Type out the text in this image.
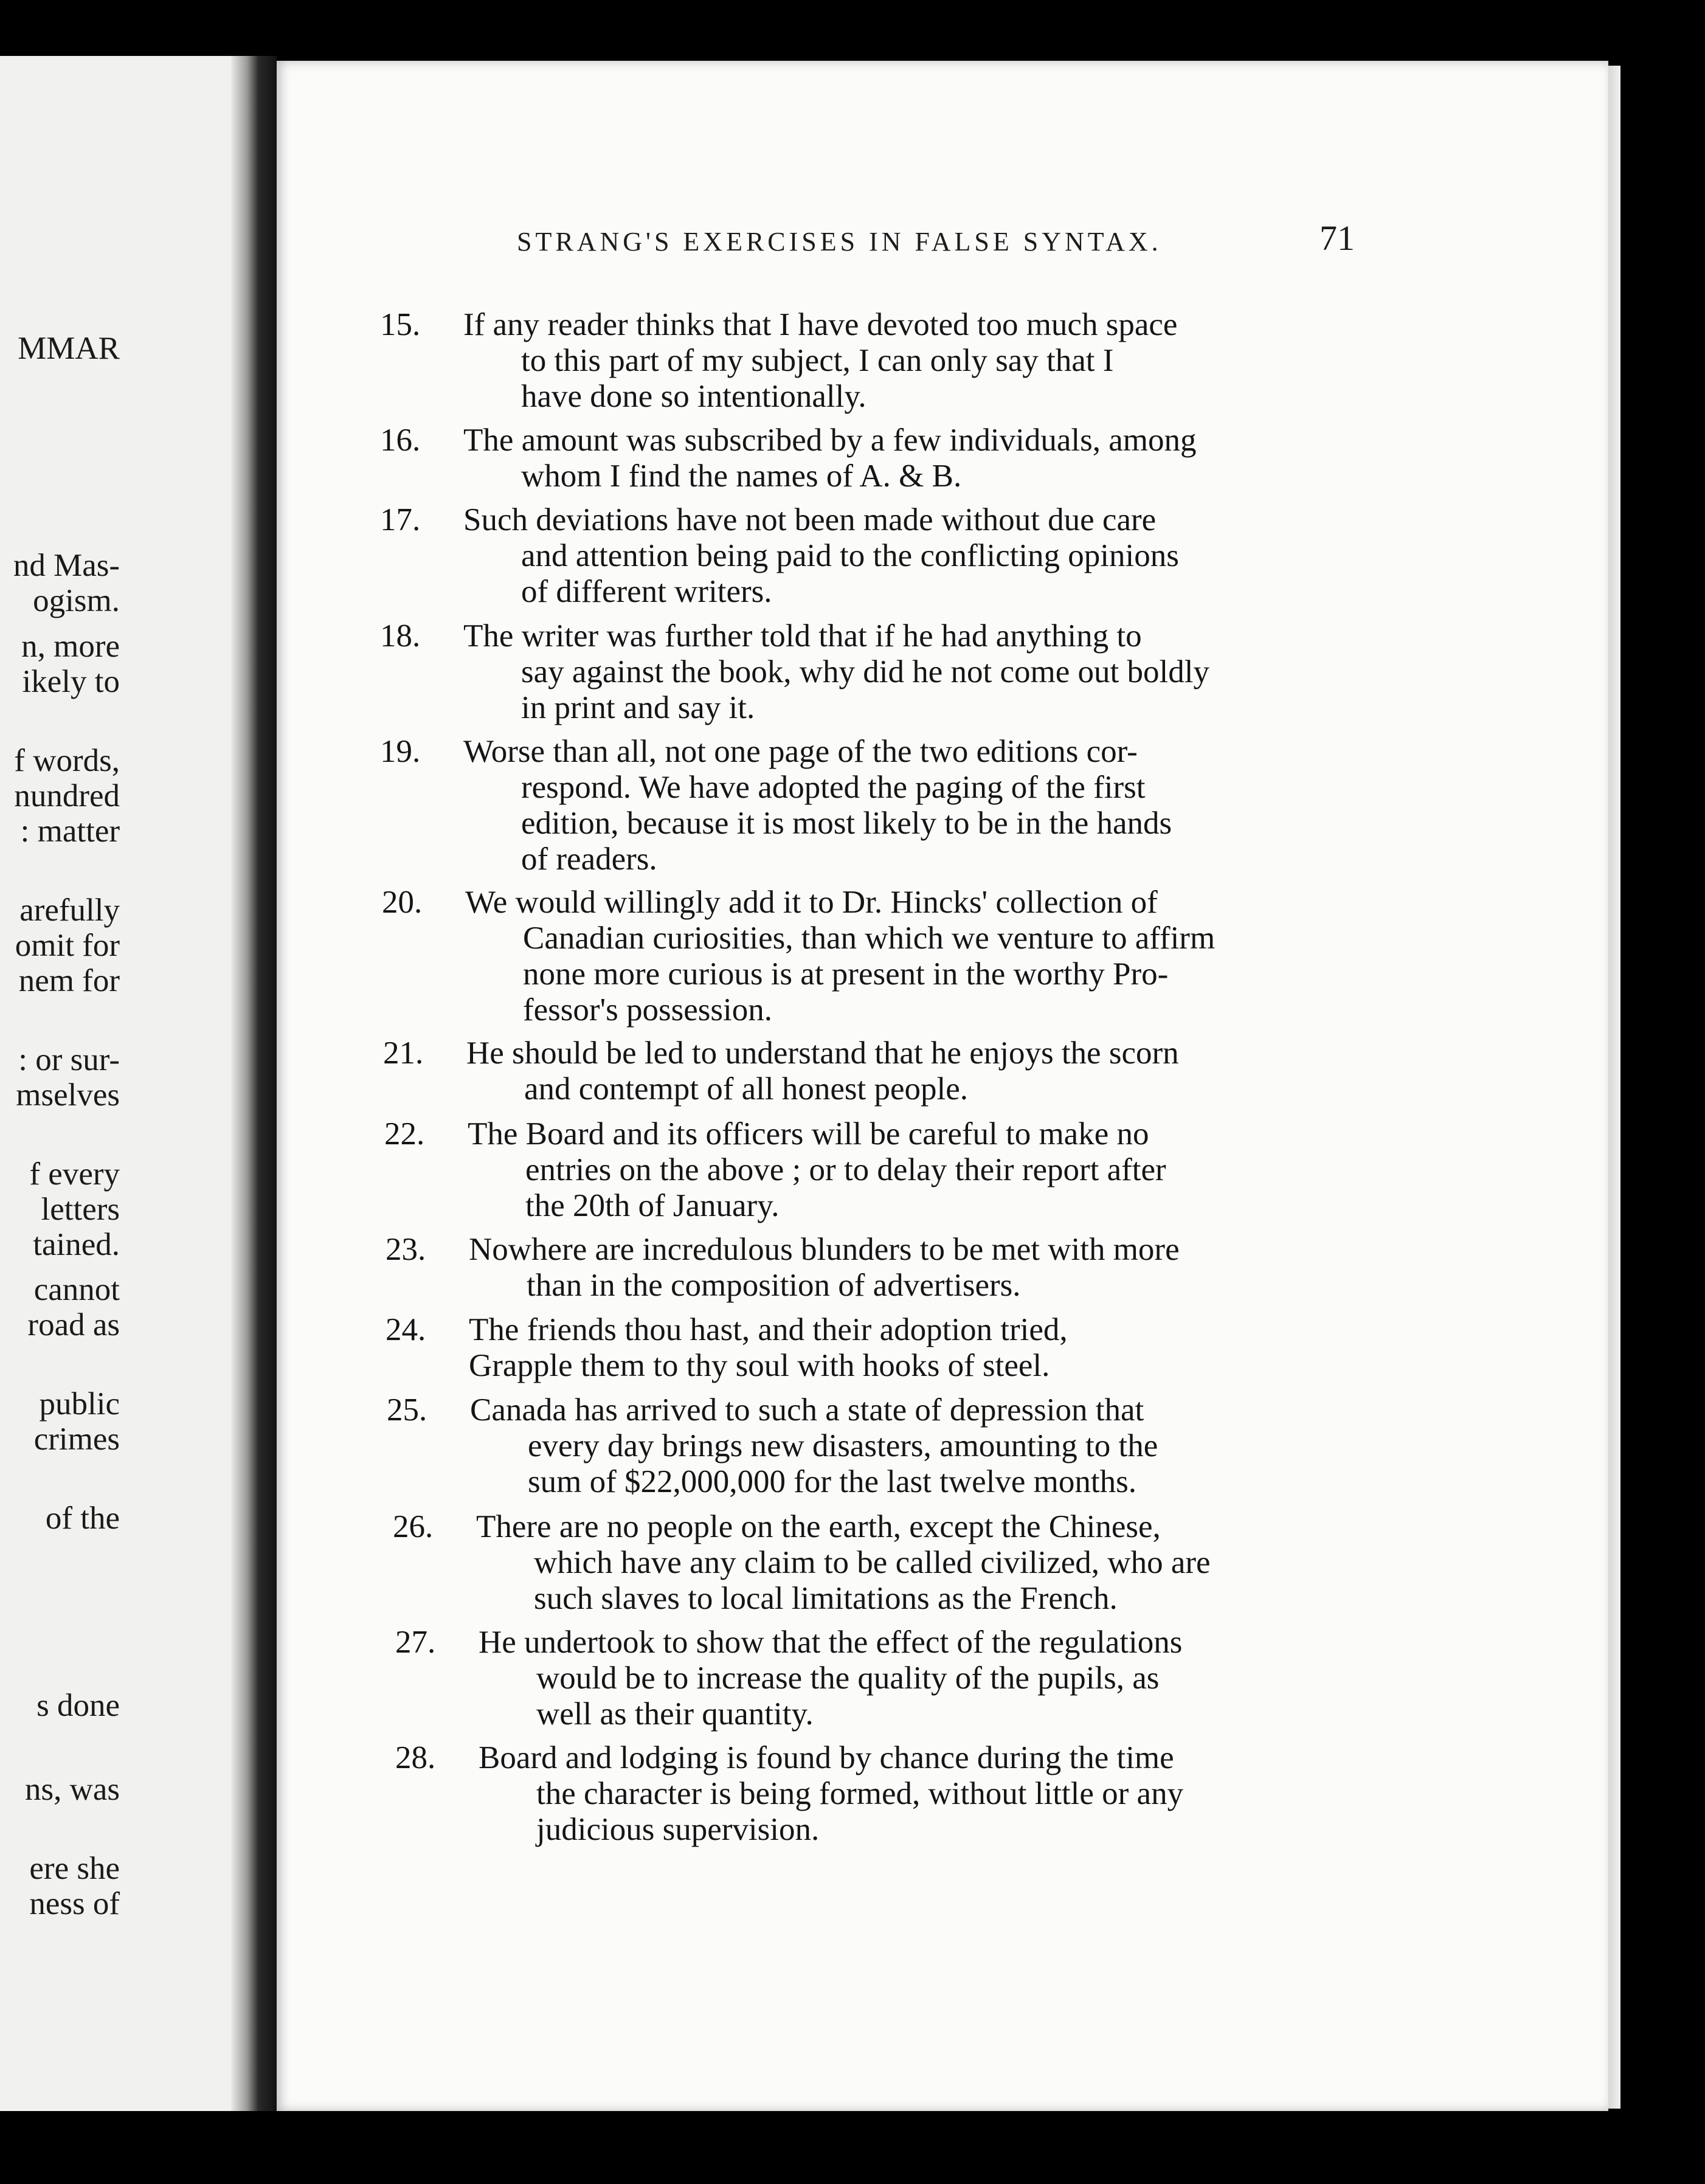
MMAR
nd Mas-
ogism.
n, more
ikely to
f words,
nundred
: matter
arefully
omit for
nem for
: or sur-
mselves
f every
letters
tained.
cannot
road as
public
crimes
of the
s done
ns, was
ere she
ness of
STRANG'S EXERCISES IN FALSE SYNTAX.	71
15.	If any reader thinks that I have devoted too much space
to this part of my subject, I can only say that I
have done so intentionally.
16.	The amount was subscribed by a few individuals, among
whom I find the names of A. & B.
17.	Such deviations have not been made without due care
and attention being paid to the conflicting opinions
of different writers.
18.	The writer was further told that if he had anything to
say against the book, why did he not come out boldly
in print and say it.
19.	Worse than all, not one page of the two editions cor-
respond. We have adopted the paging of the first
edition, because it is most likely to be in the hands
of readers.
20.	We would willingly add it to Dr. Hincks' collection of
Canadian curiosities, than which we venture to affirm
none more curious is at present in the worthy Pro-
fessor's possession.
21.	He should be led to understand that he enjoys the scorn
and contempt of all honest people.
22.	The Board and its officers will be careful to make no
entries on the above ; or to delay their report after
the 20th of January.
23.	Nowhere are incredulous blunders to be met with more
than in the composition of advertisers.
24.	The friends thou hast, and their adoption tried,
Grapple them to thy soul with hooks of steel.
25.	Canada has arrived to such a state of depression that
every day brings new disasters, amounting to the
sum of $22,000,000 for the last twelve months.
26.	There are no people on the earth, except the Chinese,
which have any claim to be called civilized, who are
such slaves to local limitations as the French.
27.	He undertook to show that the effect of the regulations
would be to increase the quality of the pupils, as
well as their quantity.
28.	Board and lodging is found by chance during the time
the character is being formed, without little or any
judicious supervision.
